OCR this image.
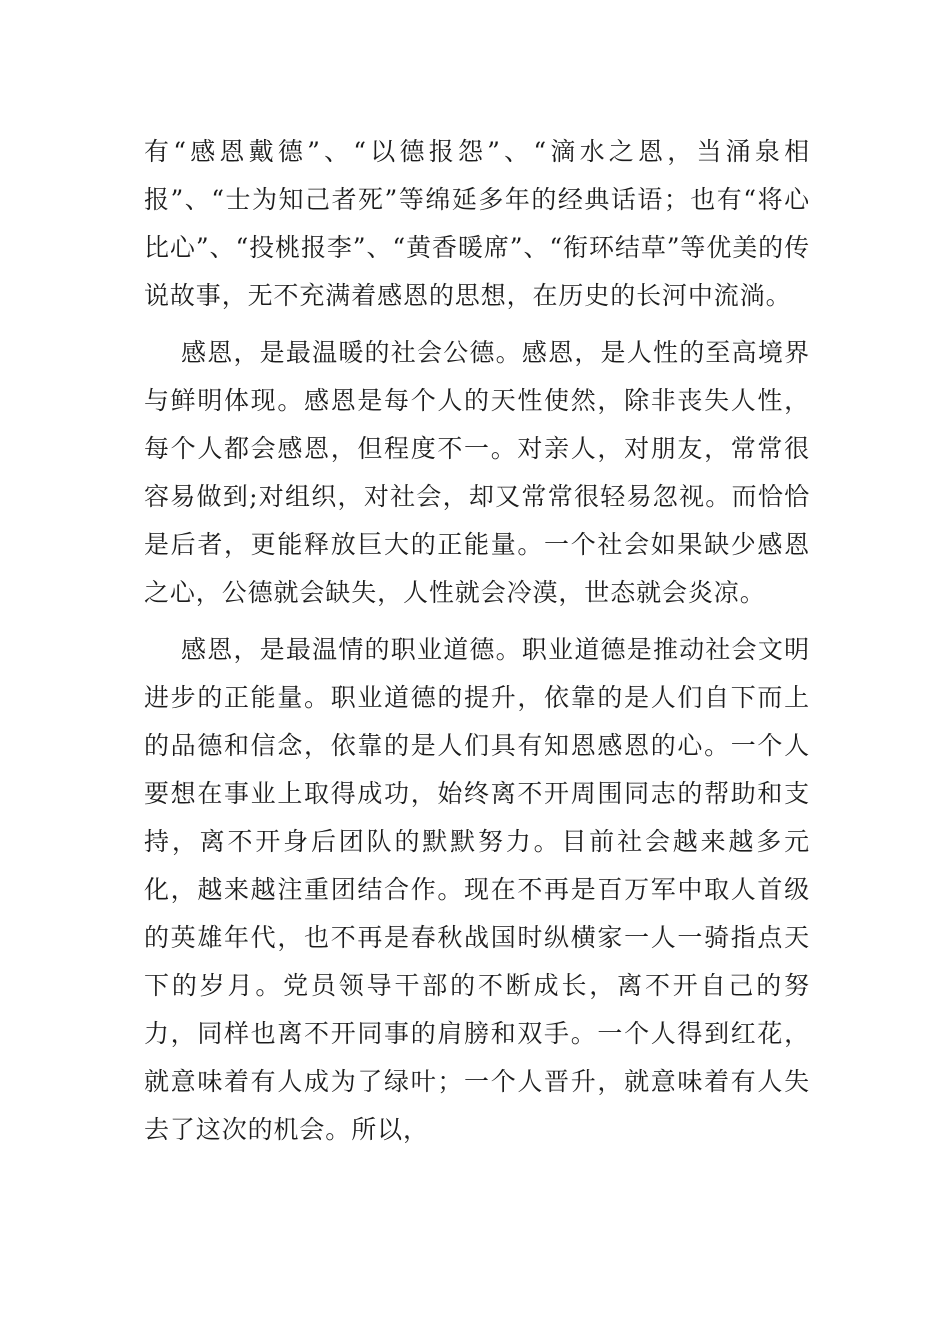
有“感恩戴德”、“以德报怨”、“滴水之恩，当涌泉相报”、“士为知己者死”等绵延多年的经典话语；也有“将心比心”、“投桃报李”、“黄香暖席”、“衔环结草”等优美的传说故事，无不充满着感恩的思想，在历史的长河中流淌。

感恩，是最温暖的社会公德。感恩，是人性的至高境界与鲜明体现。感恩是每个人的天性使然，除非丧失人性，每个人都会感恩，但程度不一。对亲人，对朋友，常常很容易做到;对组织，对社会，却又常常很轻易忽视。而恰恰是后者，更能释放巨大的正能量。一个社会如果缺少感恩之心，公德就会缺失，人性就会冷漠，世态就会炎凉。

感恩，是最温情的职业道德。职业道德是推动社会文明进步的正能量。职业道德的提升，依靠的是人们自下而上的品德和信念，依靠的是人们具有知恩感恩的心。一个人要想在事业上取得成功，始终离不开周围同志的帮助和支持，离不开身后团队的默默努力。目前社会越来越多元化，越来越注重团结合作。现在不再是百万军中取人首级的英雄年代，也不再是春秋战国时纵横家一人一骑指点天下的岁月。党员领导干部的不断成长，离不开自己的努力，同样也离不开同事的肩膀和双手。一个人得到红花，就意味着有人成为了绿叶；一个人晋升，就意味着有人失去了这次的机会。所以，
